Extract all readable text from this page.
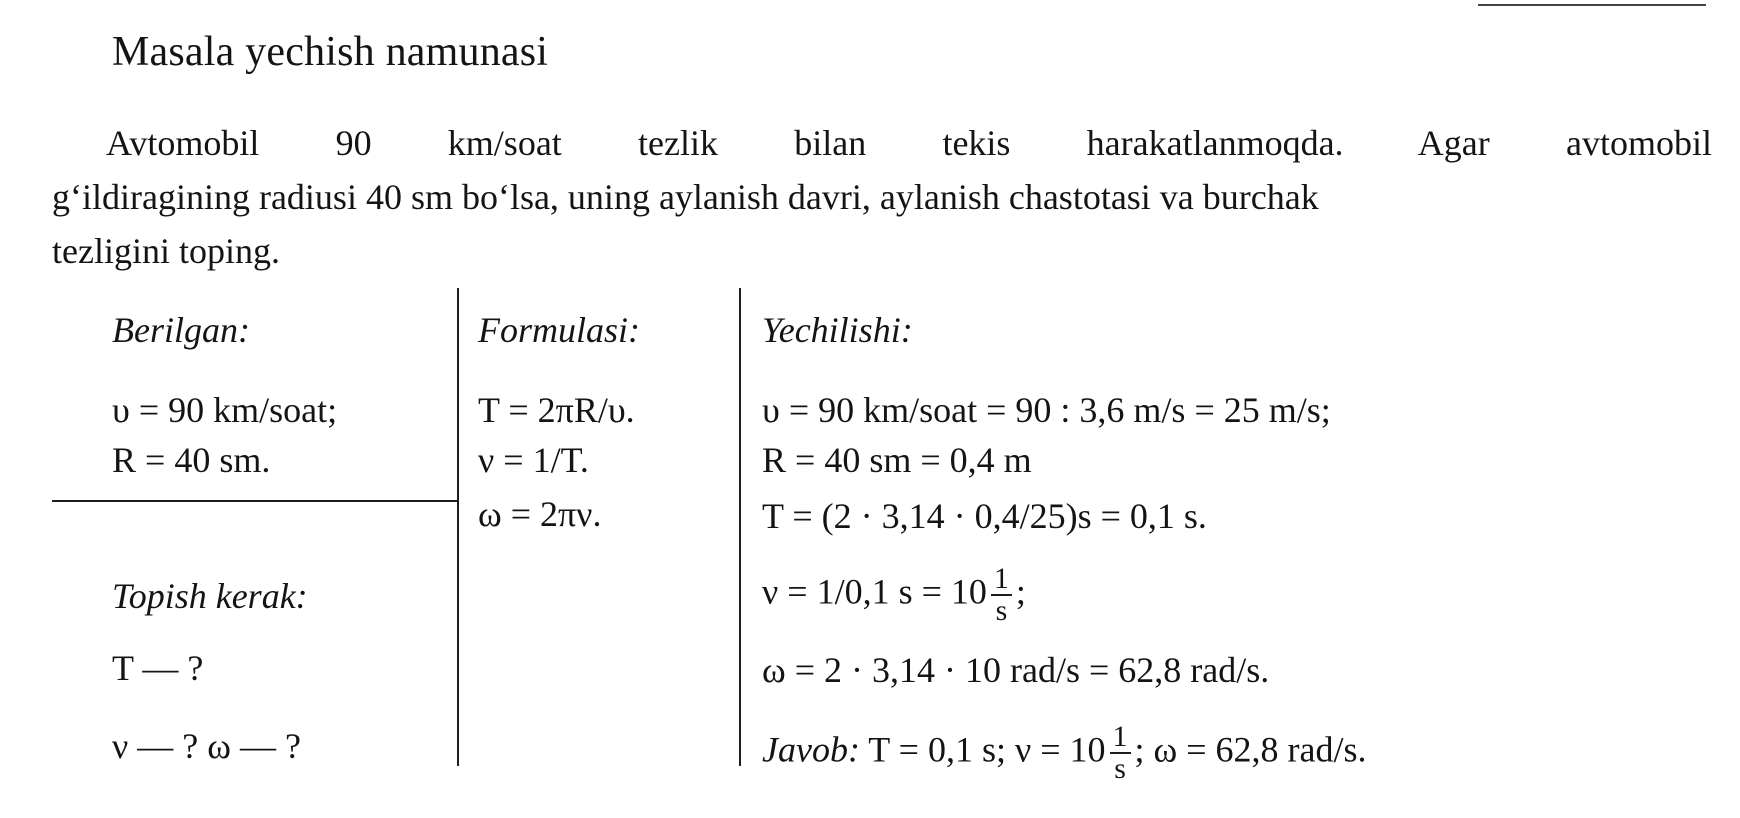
Masala yechish namunasi
Avtomobil 90 km/soat tezlik bilan tekis harakatlanmoqda. Agar avtomobil
g‘ildiragining radiusi 40 sm bo‘lsa, uning aylanish davri, aylanish chastotasi va burchak
tezligini toping.
Berilgan:
υ = 90 km/soat;
R = 40 sm.
Topish kerak:
T — ?
ν — ? ω — ?
Formulasi:
T = 2πR/υ.
ν = 1/T.
ω = 2πν.
Yechilishi:
υ = 90 km/soat = 90 : 3,6 m/s = 25 m/s;
R = 40 sm = 0,4 m
T = (2 · 3,14 · 0,4/25)s = 0,1 s.
ν = 1/0,1 $s = 10 \frac{1}{s}$ ;
ω = 2 · 3,14 · 10 rad/s = 62,8 rad/s.
Javob: T = 0,1 s; $\nu = 10 \frac{1}{s}$ ; ω = 62,8 rad/s.
